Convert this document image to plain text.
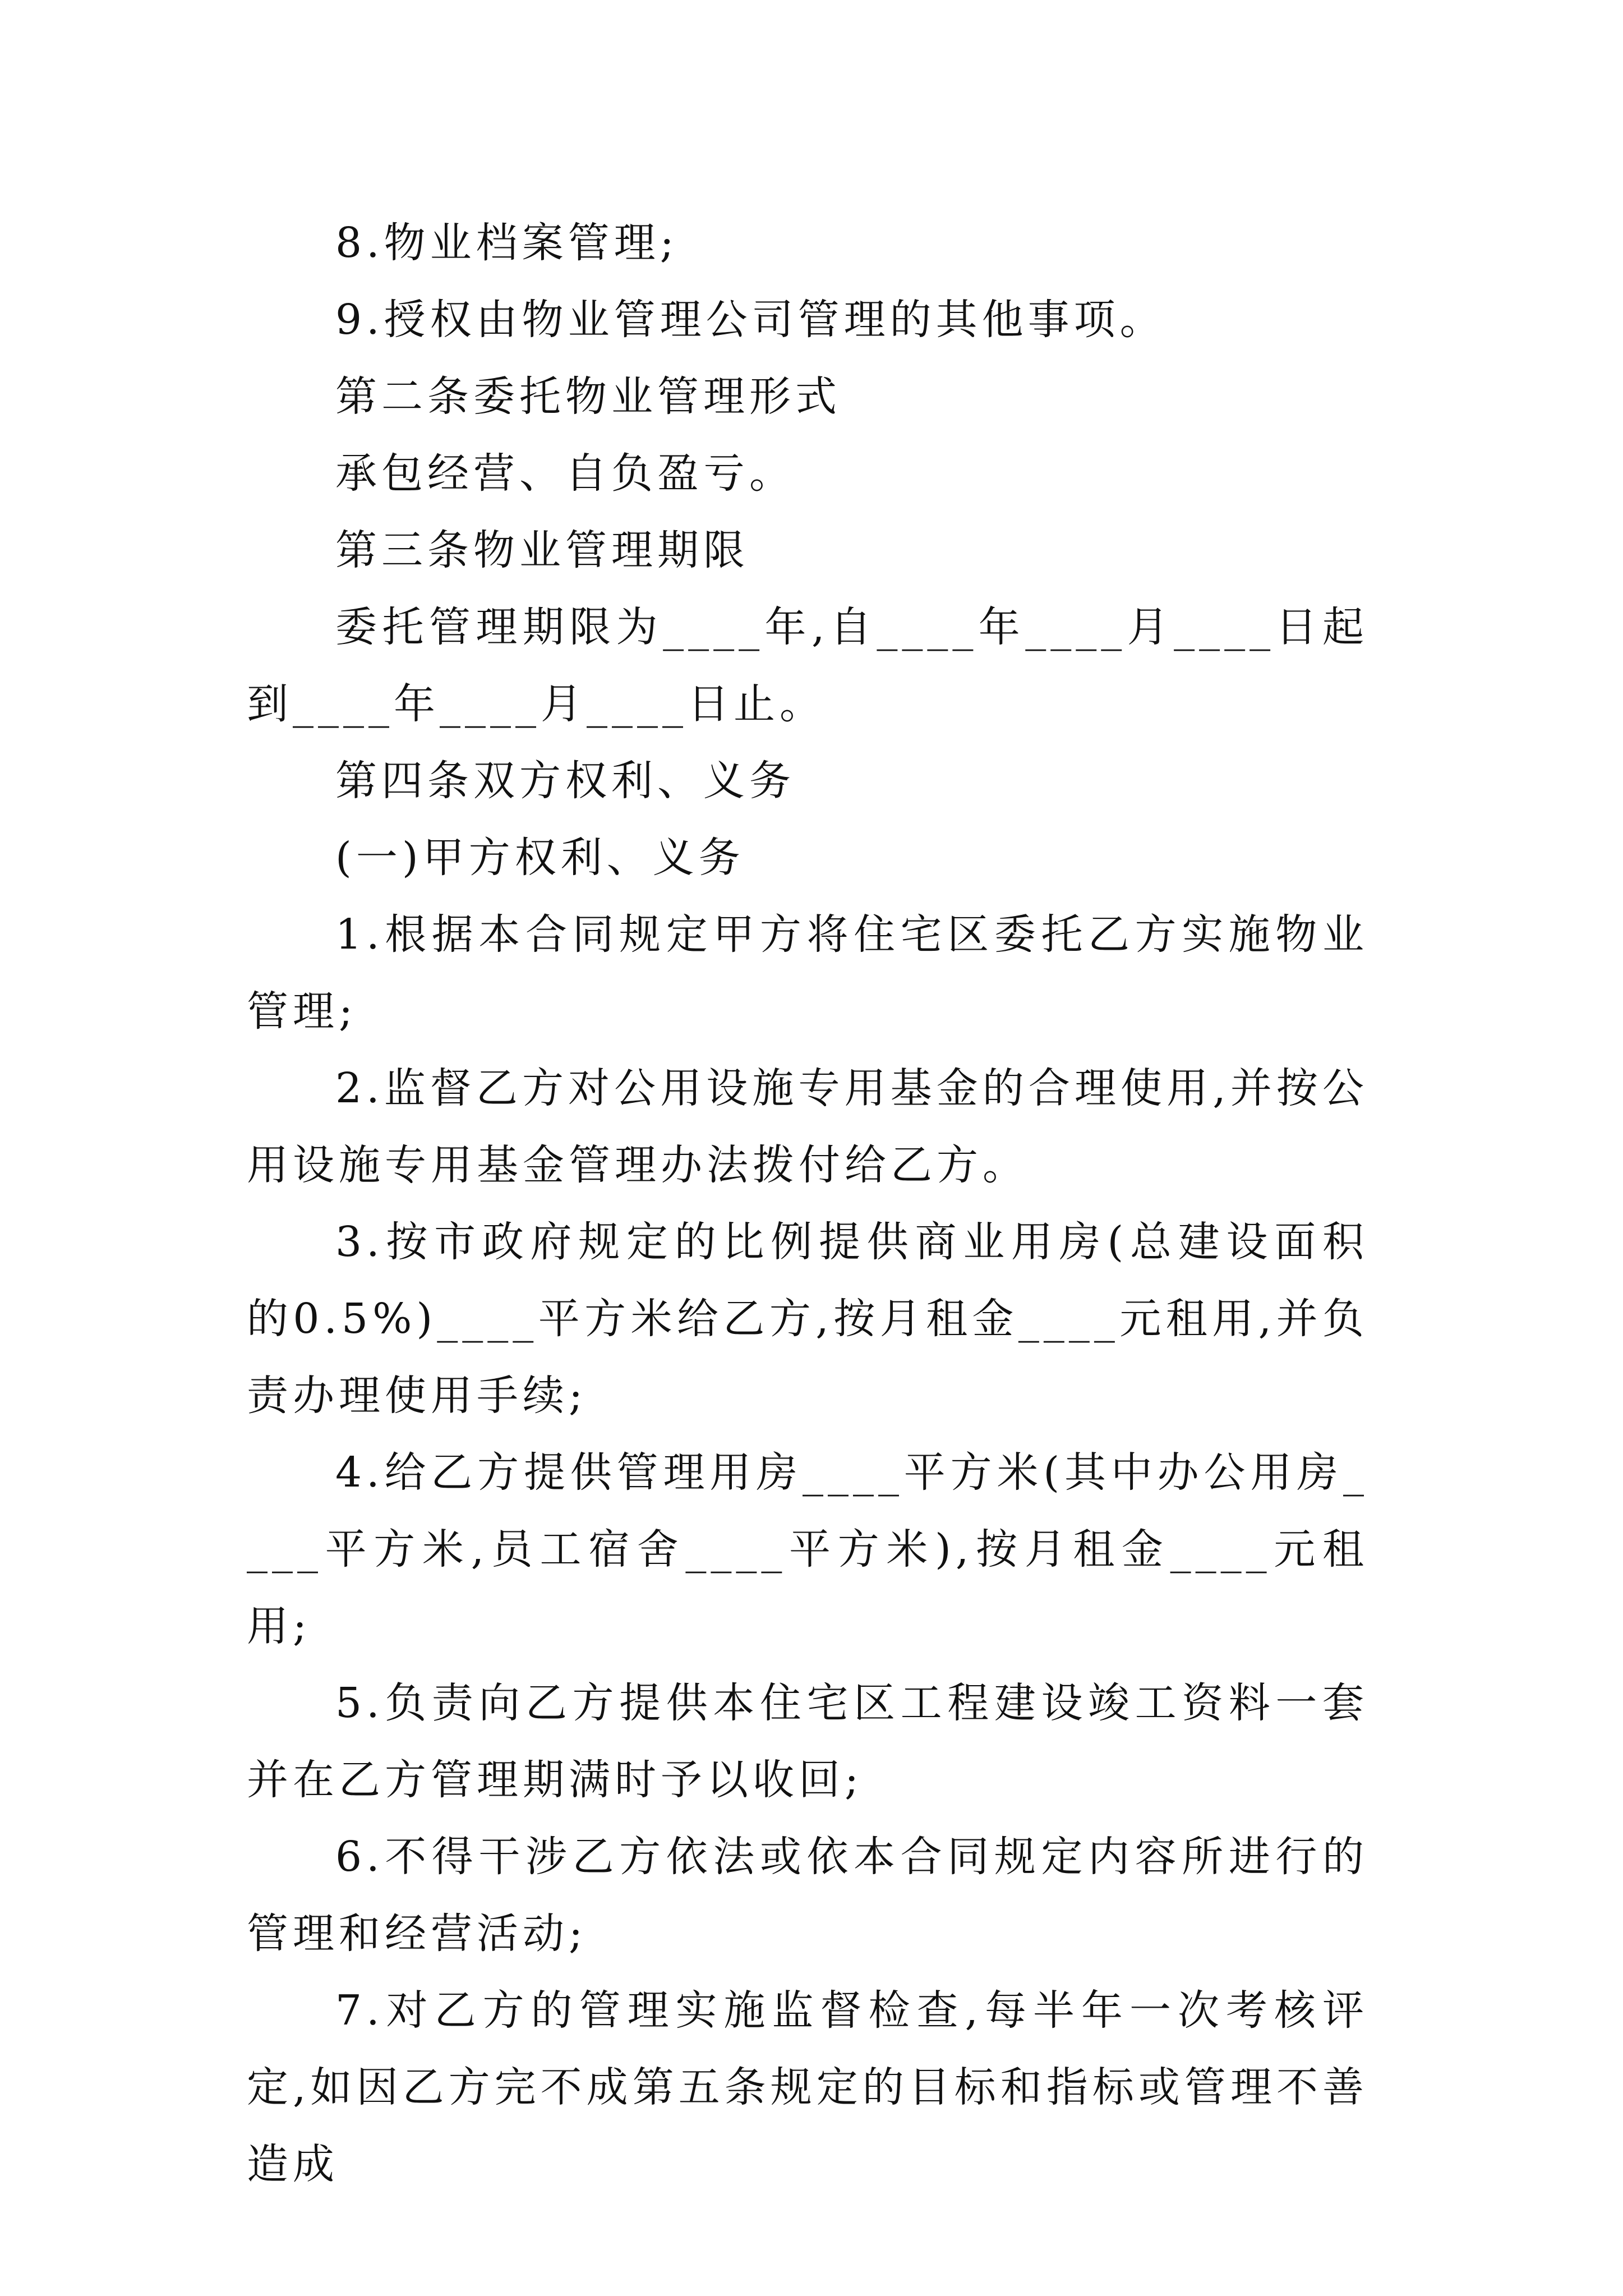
8.物业档案管理;

9.授权由物业管理公司管理的其他事项。

第二条委托物业管理形式

承包经营、自负盈亏。

第三条物业管理期限

委托管理期限为____年,自____年____月____日起到____年____月____日止。

第四条双方权利、义务

(一)甲方权利、义务

1.根据本合同规定甲方将住宅区委托乙方实施物业管理;

2.监督乙方对公用设施专用基金的合理使用,并按公用设施专用基金管理办法拨付给乙方。

3.按市政府规定的比例提供商业用房(总建设面积的0.5%)____平方米给乙方,按月租金____元租用,并负责办理使用手续;

4.给乙方提供管理用房____平方米(其中办公用房____平方米,员工宿舍____平方米),按月租金____元租用;

5.负责向乙方提供本住宅区工程建设竣工资料一套并在乙方管理期满时予以收回;

6.不得干涉乙方依法或依本合同规定内容所进行的管理和经营活动;

7.对乙方的管理实施监督检查,每半年一次考核评定,如因乙方完不成第五条规定的目标和指标或管理不善造成
